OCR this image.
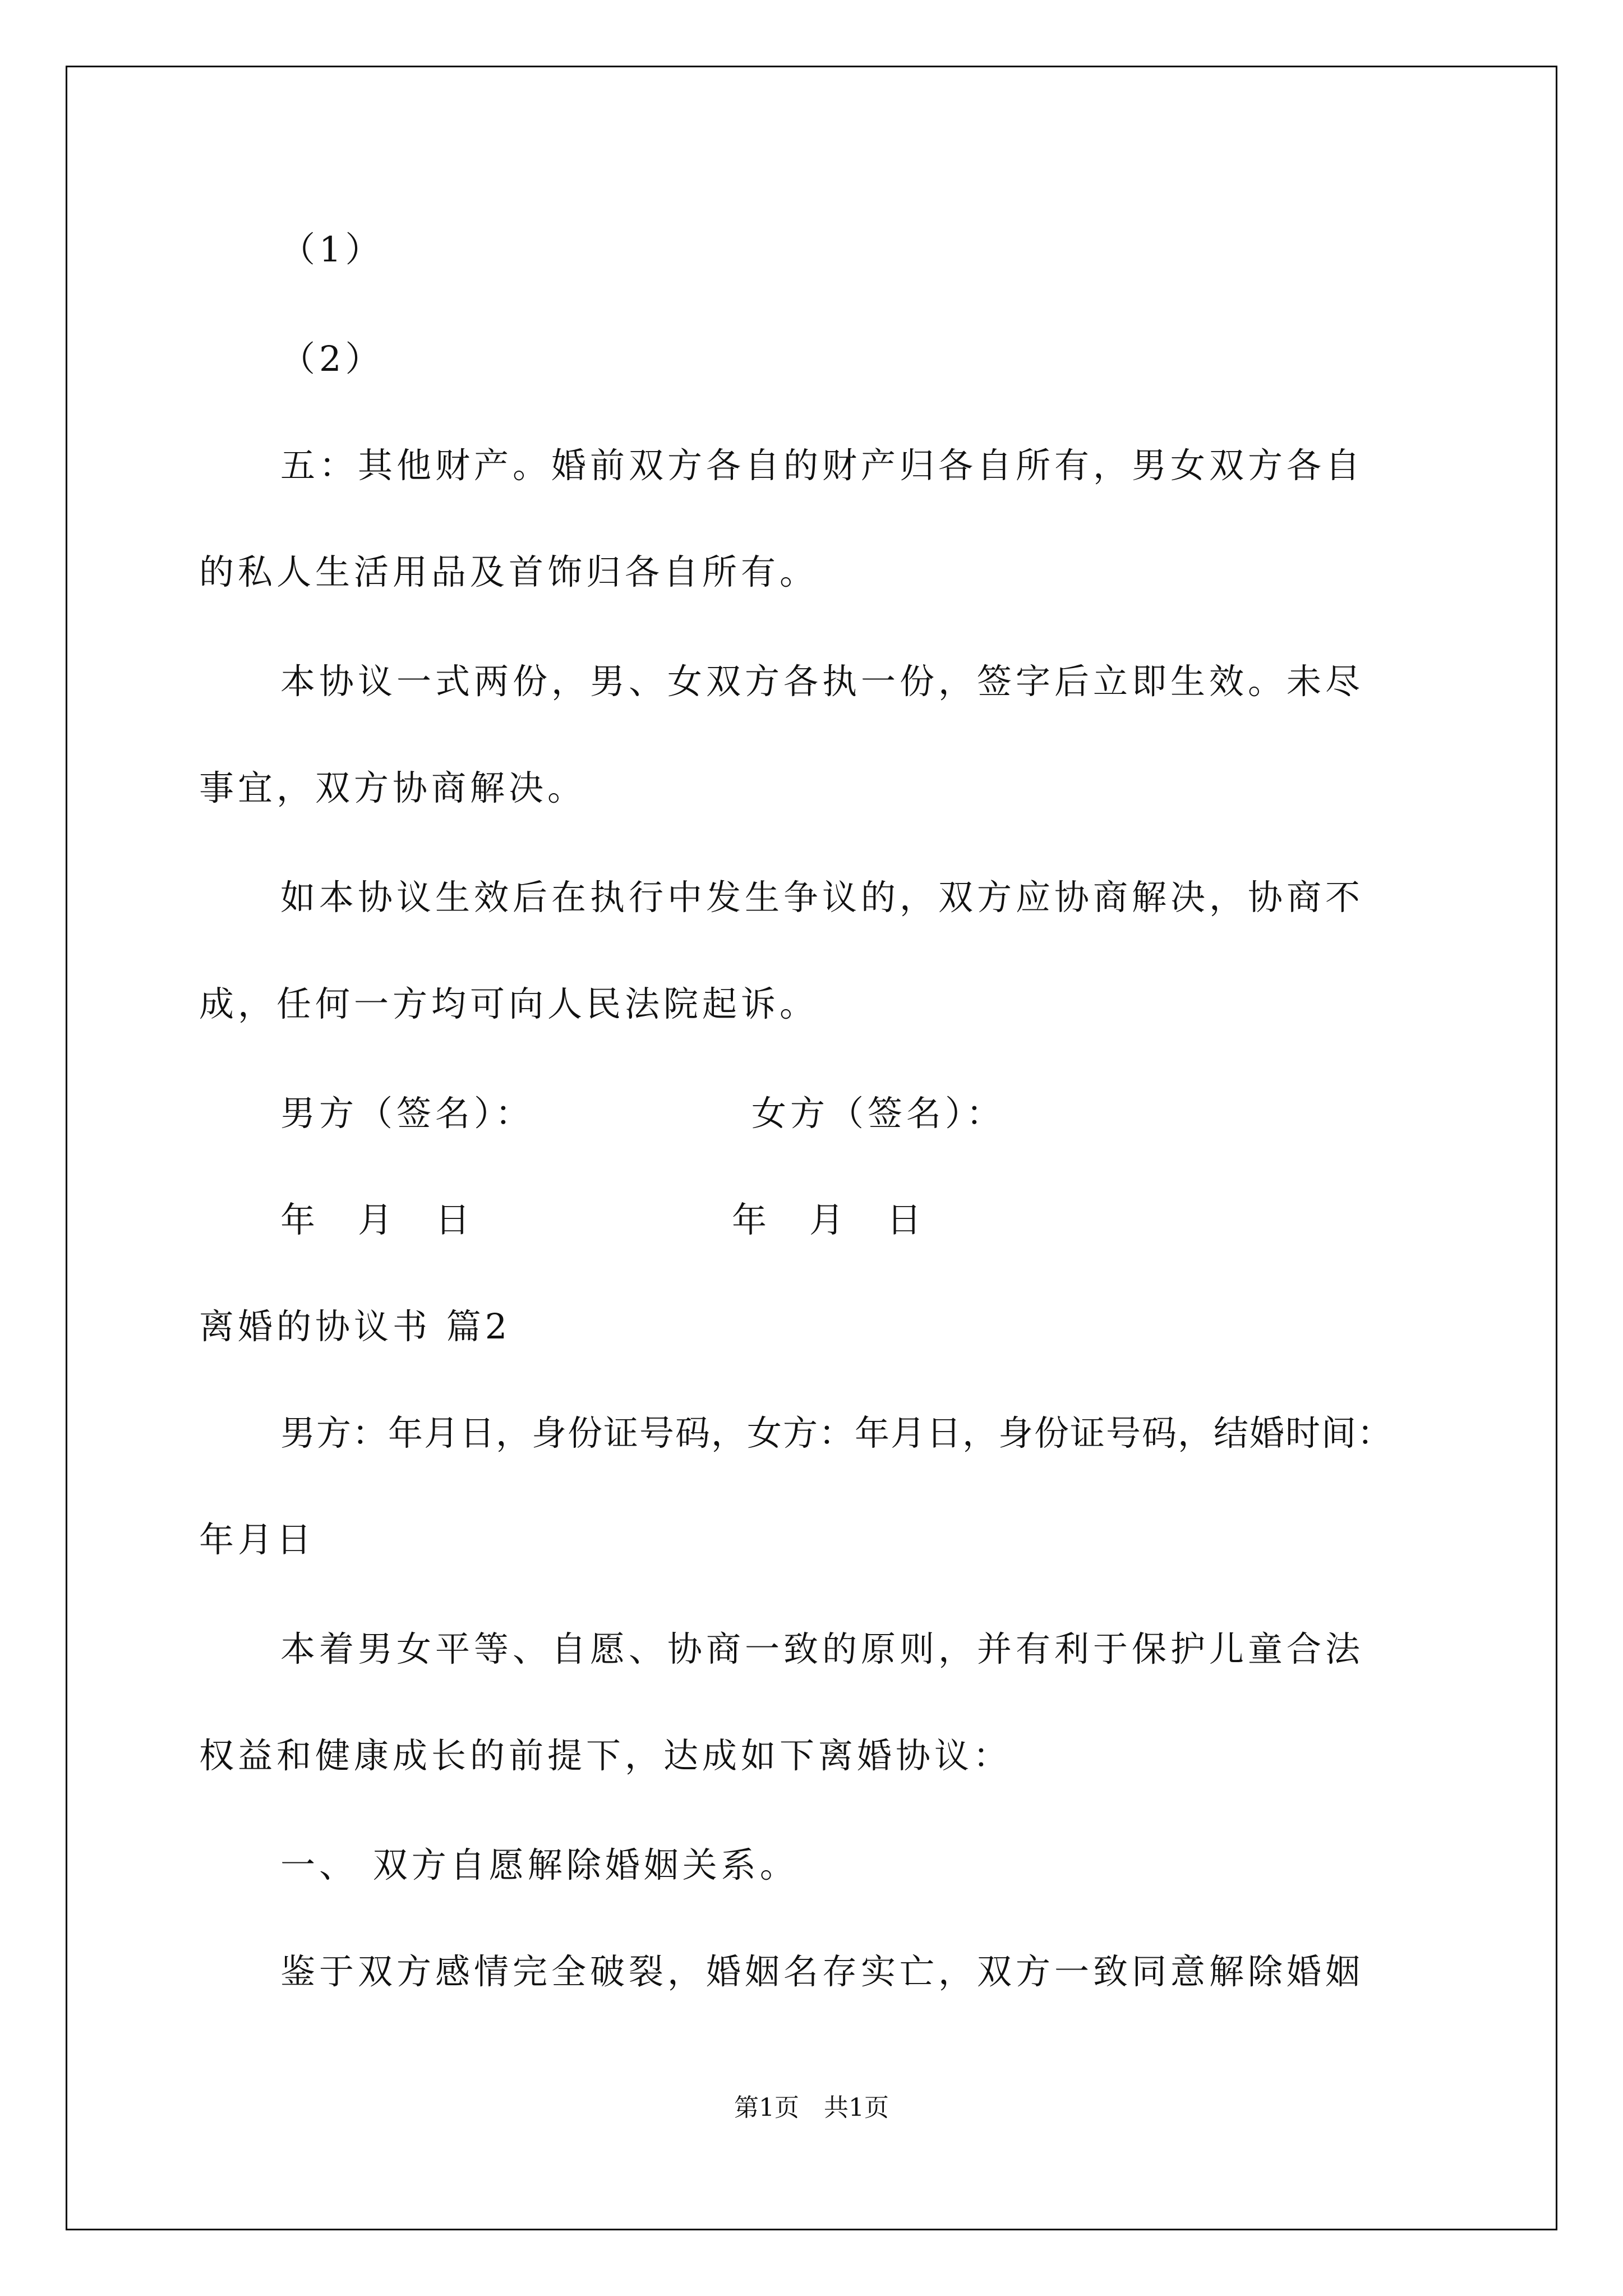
（1）
（2）
五：其他财产。婚前双方各自的财产归各自所有，男女双方各自
的私人生活用品及首饰归各自所有。
本协议一式两份，男、女双方各执一份，签字后立即生效。未尽
事宜，双方协商解决。
如本协议生效后在执行中发生争议的，双方应协商解决，协商不
成，任何一方均可向人民法院起诉。
男方（签名）：	女方（签名）：
年　月　日	年　月　日
离婚的协议书 篇2
男方：年月日，身份证号码，女方：年月日，身份证号码，结婚时间：
年月日
本着男女平等、自愿、协商一致的原则，并有利于保护儿童合法
权益和健康成长的前提下，达成如下离婚协议：
一、 双方自愿解除婚姻关系。
鉴于双方感情完全破裂，婚姻名存实亡，双方一致同意解除婚姻
第1页　共1页
